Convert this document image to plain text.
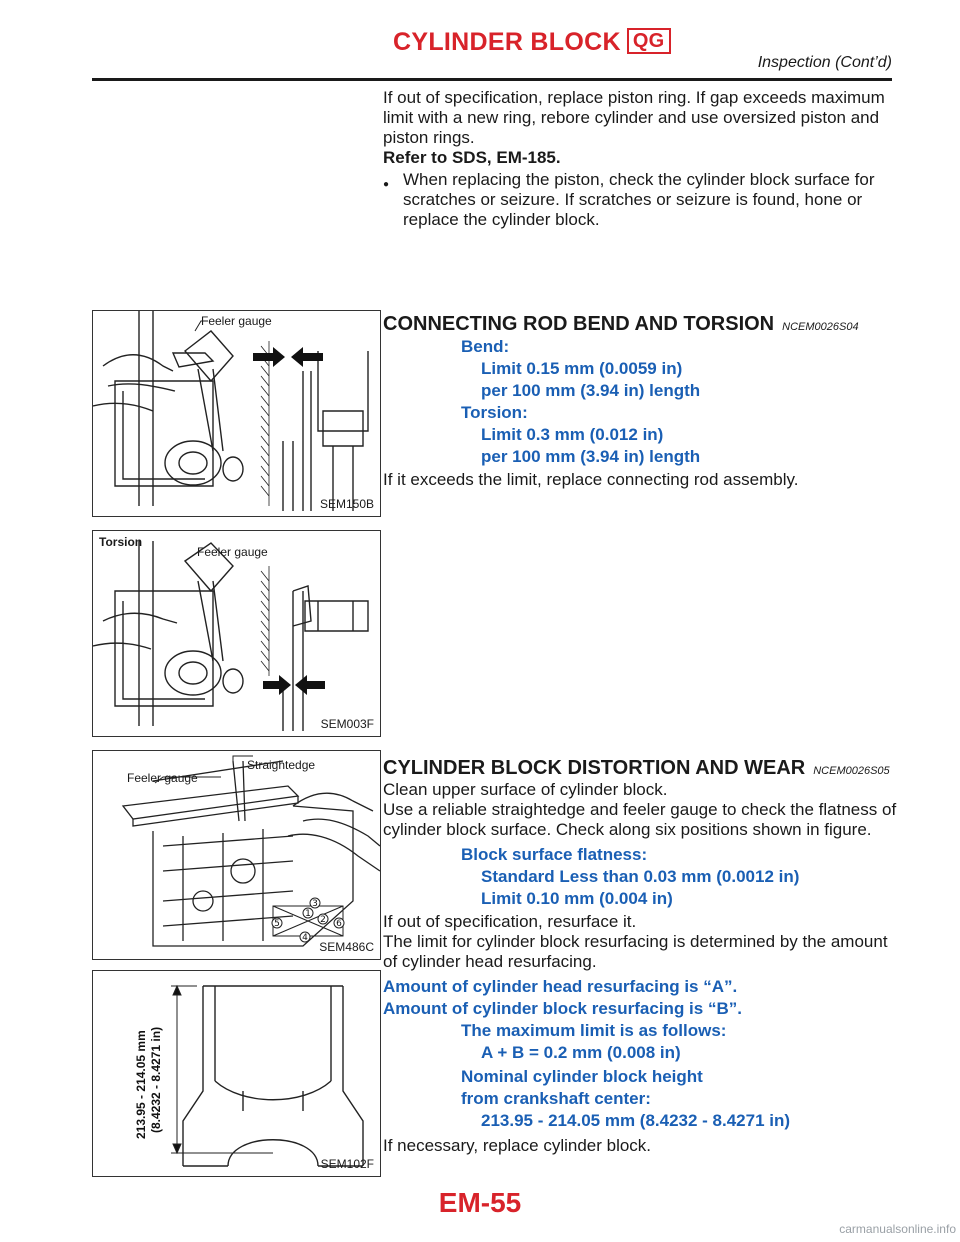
CYLINDER BLOCK QG
Inspection (Cont’d)

If out of specification, replace piston ring. If gap exceeds maximum limit with a new ring, rebore cylinder and use oversized piston and piston rings.

Refer to SDS, EM-185.

● When replacing the piston, check the cylinder block surface for scratches or seizure. If scratches or seizure is found, hone or replace the cylinder block.

Feeler gauge
SEM150B
CONNECTING ROD BEND AND TORSION NCEM0026S04

Bend:

Limit 0.15 mm (0.0059 in)

per 100 mm (3.94 in) length

Torsion:

Limit 0.3 mm (0.012 in)

per 100 mm (3.94 in) length

If it exceeds the limit, replace connecting rod assembly.

Torsion
Feeler gauge
SEM003F
1
2
3
4
5	6
Feeler gauge
Straightedge
SEM486C
CYLINDER BLOCK DISTORTION AND WEAR NCEM0026S05

Clean upper surface of cylinder block.

Use a reliable straightedge and feeler gauge to check the flatness of cylinder block surface. Check along six positions shown in figure.

Block surface flatness:

Standard Less than 0.03 mm (0.0012 in)

Limit 0.10 mm (0.004 in)

If out of specification, resurface it.

The limit for cylinder block resurfacing is determined by the amount of cylinder head resurfacing.

Amount of cylinder head resurfacing is “A”.

Amount of cylinder block resurfacing is “B”.

The maximum limit is as follows:

A + B = 0.2 mm (0.008 in)

Nominal cylinder block height

from crankshaft center:

213.95 - 214.05 mm (8.4232 - 8.4271 in)

If necessary, replace cylinder block.

213.95 - 214.05 mm (8.4232 - 8.4271 in)
SEM102F
EM-55
carmanualsonline.info
